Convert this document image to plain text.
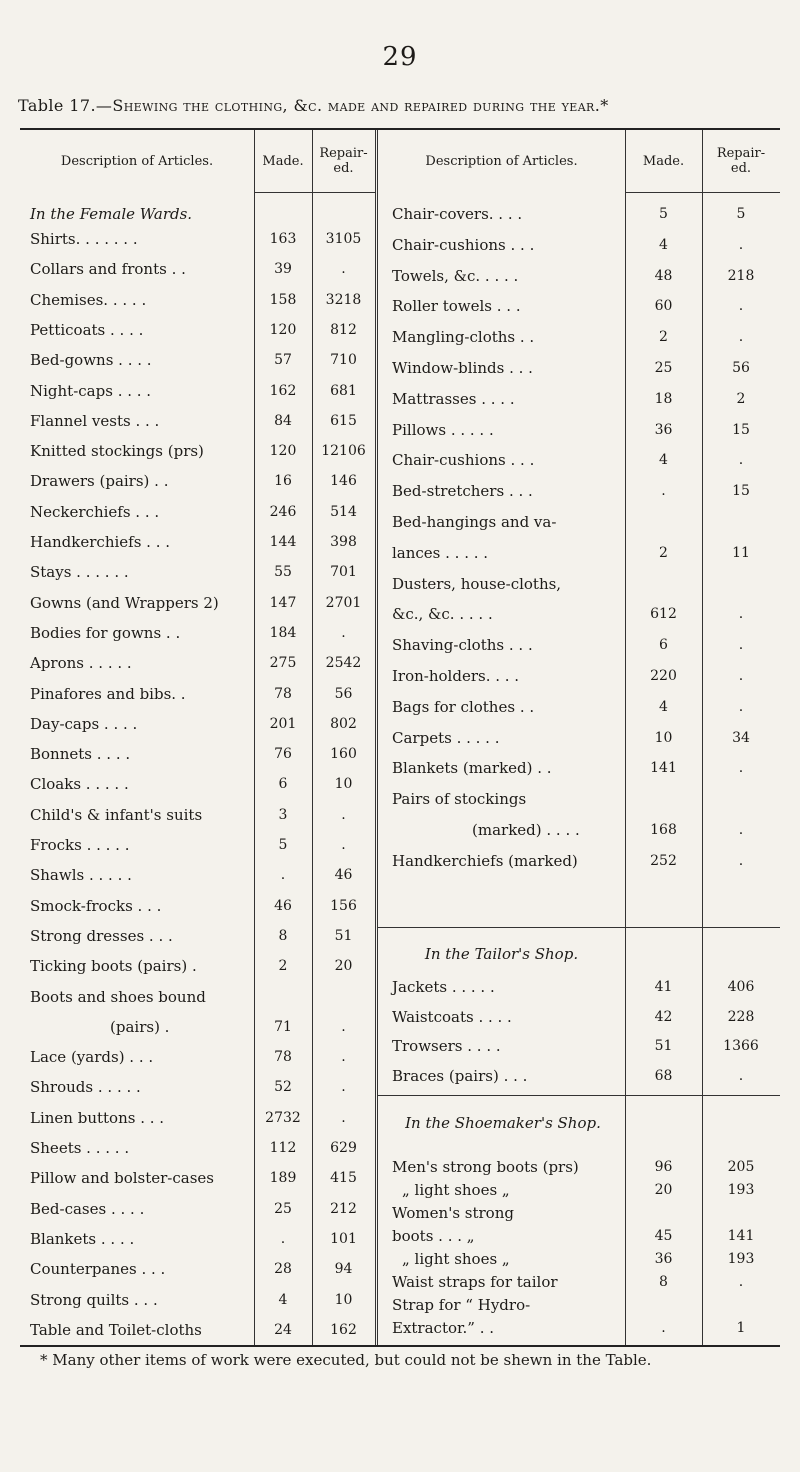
29
Table 17.—Shewing the clothing, &c. made and repaired during the year.*
Description of Articles.	Made.	Repair-ed.	Description of Articles.	Made.	Repair-ed.
In the Female Wards.
Shirts. . . . . . .	163	3105
Collars and fronts . .	39	.
Chemises. . . . .	158	3218
Petticoats . . . .	120	812
Bed-gowns . . . .	57	710
Night-caps . . . .	162	681
Flannel vests . . .	84	615
Knitted stockings (prs)	120	12106
Drawers (pairs) . .	16	146
Neckerchiefs . . .	246	514
Handkerchiefs . . .	144	398
Stays . . . . . .	55	701
Gowns (and Wrappers 2)	147	2701
Bodies for gowns . .	184	.
Aprons . . . . .	275	2542
Pinafores and bibs. .	78	56
Day-caps . . . .	201	802
Bonnets . . . .	76	160
Cloaks . . . . .	6	10
Child's & infant's suits	3	.
Frocks . . . . .	5	.
Shawls . . . . .	.	46
Smock-frocks . . .	46	156
Strong dresses . . .	8	51
Ticking boots (pairs) .	2	20
Boots and shoes bound
(pairs) .	71	.
Lace (yards) . . .	78	.
Shrouds . . . . .	52	.
Linen buttons . . .	2732	.
Sheets . . . . .	112	629
Pillow and bolster-cases	189	415
Bed-cases . . . .	25	212
Blankets . . . .	.	101
Counterpanes . . .	28	94
Strong quilts . . .	4	10
Table and Toilet-cloths	24	162
Chair-covers. . . .	5	5
Chair-cushions . . .	4	.
Towels, &c. . . . .	48	218
Roller towels . . .	60	.
Mangling-cloths . .	2	.
Window-blinds . . .	25	56
Mattrasses . . . .	18	2
Pillows . . . . .	36	15
Chair-cushions . . .	4	.
Bed-stretchers . . .	.	15
Bed-hangings and va-
lances . . . . .	2	11
Dusters, house-cloths,
&c., &c. . . . .	612	.
Shaving-cloths . . .	6	.
Iron-holders. . . .	220	.
Bags for clothes . .	4	.
Carpets . . . . .	10	34
Blankets (marked) . .	141	.
Pairs of stockings
(marked) . . . .	168	.
Handkerchiefs (marked)	252	.
In the Tailor's Shop.
Jackets . . . . .	41	406
Waistcoats . . . .	42	228
Trowsers . . . .	51	1366
Braces (pairs) . . .	68	.
In the Shoemaker's Shop.
Men's strong boots (prs)	96	205
„ light shoes „	20	193
Women's strong
boots . . . „	45	141
„ light shoes „	36	193
Waist straps for tailor	8	.
Strap for “ Hydro-
Extractor.” . .	.	1
* Many other items of work were executed, but could not be shewn in the Table.
